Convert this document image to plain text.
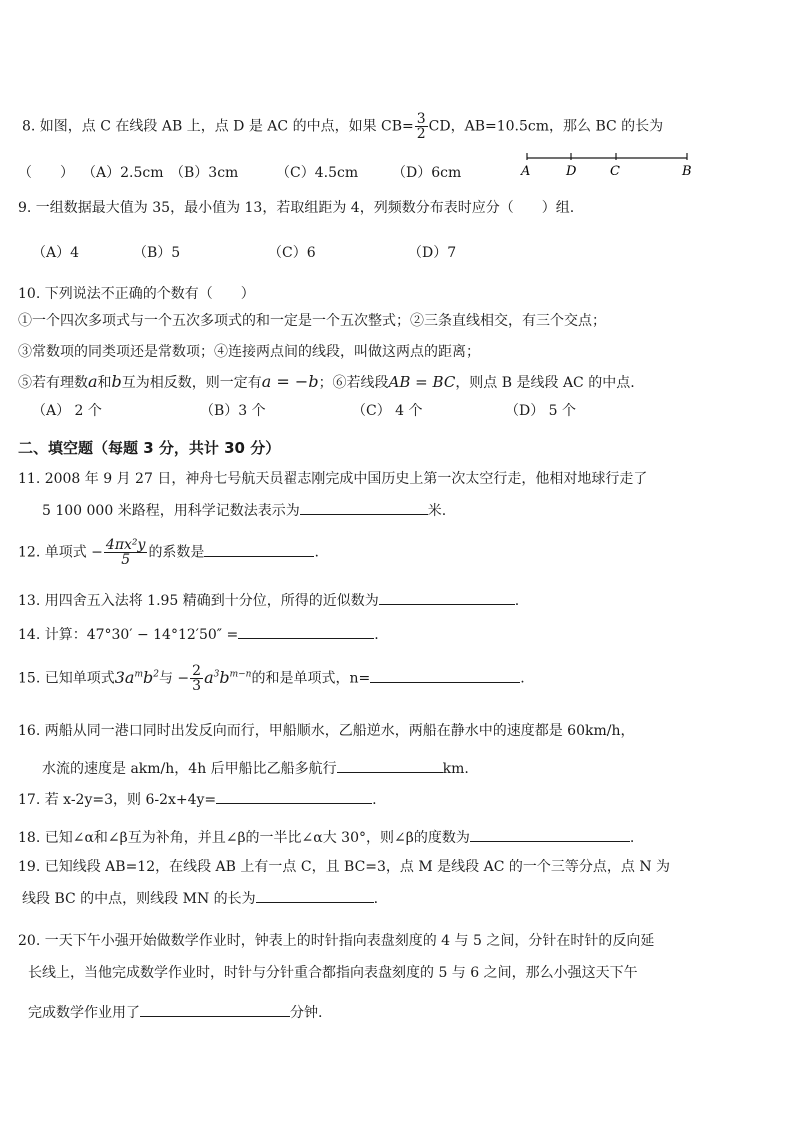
8. 如图，点 C 在线段 AB 上，点 D 是 AC 的中点，如果 $CB= \frac{3}{2}$ CD，AB=10.5cm，那么 BC 的长为
（　　） （A）2.5cm （B）3cm	（C）4.5cm （D）6cm	A	D	C	B
9. 一组数据最大值为 35，最小值为 13，若取组距为 4，列频数分布表时应分（　　）组.
（A）4	（B）5	（C）6	（D）7
10. 下列说法不正确的个数有（　　）
①一个四次多项式与一个五次多项式的和一定是一个五次整式；②三条直线相交，有三个交点；
③常数项的同类项还是常数项；④连接两点间的线段，叫做这两点的距离；
⑤若有理数a和b互为相反数，则一定有a = −b；⑥若线段AB = BC，则点 B 是线段 AC 的中点.
（A） 2 个	（B）3 个	（C） 4 个	（D） 5 个
二、填空题（每题 3 分，共计 30 分）
11. 2008 年 9 月 27 日，神舟七号航天员翟志刚完成中国历史上第一次太空行走，他相对地球行走了
5 100 000 米路程，用科学记数法表示为	米.
12. 单项式 − $\frac{\text{4πx²y}}{5}$ 的系数是	.
13. 用四舍五入法将 1.95 精确到十分位，所得的近似数为	.
14. 计算：47°30′ − 14°12′50″ =	.
15. 已知单项式$3a^mb^2$与 − $\frac{2}{3} a^3b^{m-n}$的和是单项式，n=	.
16. 两船从同一港口同时出发反向而行，甲船顺水，乙船逆水，两船在静水中的速度都是 60km/h，
水流的速度是 akm/h，4h 后甲船比乙船多航行	km.
17. 若 x-2y=3，则 6-2x+4y=	.
18. 已知∠α和∠β互为补角，并且∠β的一半比∠α大 30°，则∠β的度数为	.
19. 已知线段 AB=12，在线段 AB 上有一点 C，且 BC=3，点 M 是线段 AC 的一个三等分点，点 N 为
线段 BC 的中点，则线段 MN 的长为	.
20. 一天下午小强开始做数学作业时，钟表上的时针指向表盘刻度的 4 与 5 之间，分针在时针的反向延
长线上，当他完成数学作业时，时针与分针重合都指向表盘刻度的 5 与 6 之间，那么小强这天下午
完成数学作业用了	分钟.
